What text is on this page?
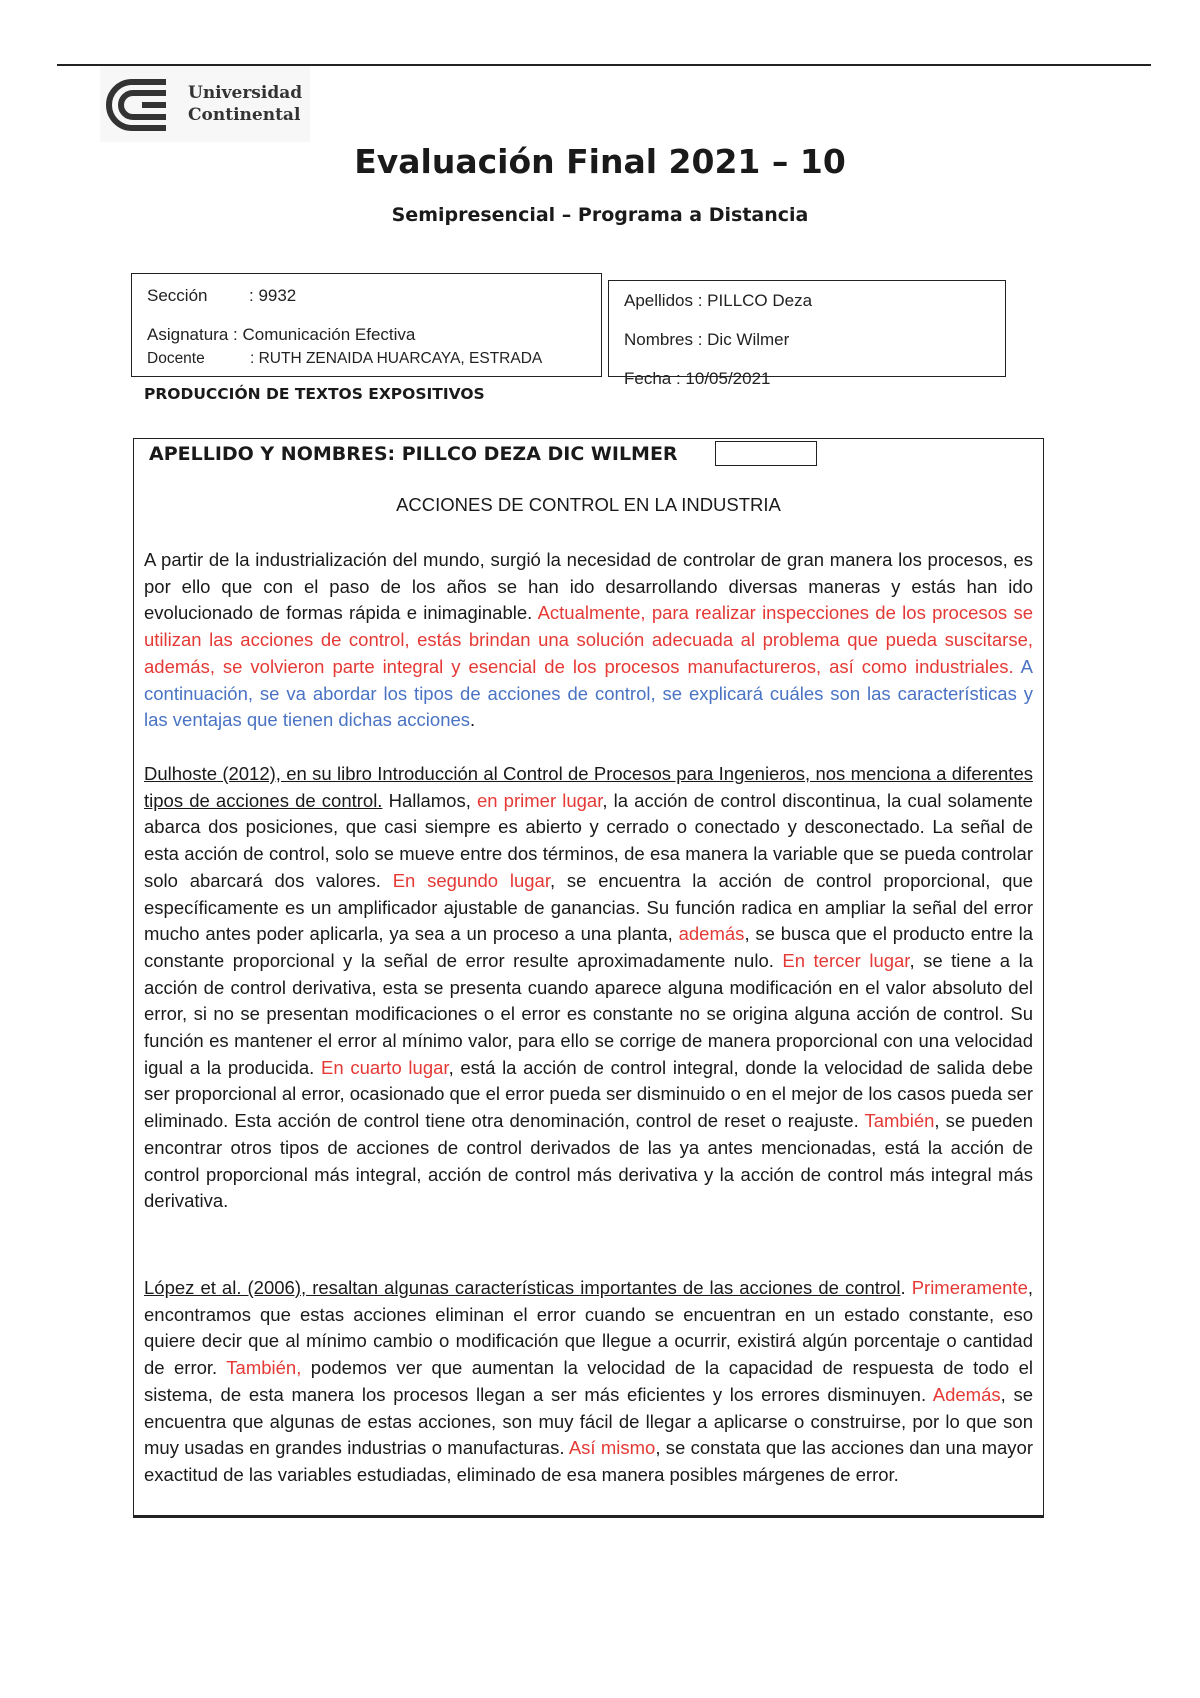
Universidad
Continental
Evaluación Final 2021 – 10
Semipresencial – Programa a Distancia
Sección : 9932
Asignatura : Comunicación Efectiva
Docente	: RUTH ZENAIDA HUARCAYA, ESTRADA
Apellidos : PILLCO Deza
Nombres : Dic Wilmer
Fecha : 10/05/2021
PRODUCCIÓN DE TEXTOS EXPOSITIVOS
APELLIDO Y NOMBRES: PILLCO DEZA DIC WILMER
ACCIONES DE CONTROL EN LA INDUSTRIA
A partir de la industrialización del mundo, surgió la necesidad de controlar de gran manera los procesos, es por ello que con el paso de los años se han ido desarrollando diversas maneras y estás han ido evolucionado de formas rápida e inimaginable. Actualmente, para realizar inspecciones de los procesos se utilizan las acciones de control, estás brindan una solución adecuada al problema que pueda suscitarse, además, se volvieron parte integral y esencial de los procesos manufactureros, así como industriales. A continuación, se va abordar los tipos de acciones de control, se explicará cuáles son las características y las ventajas que tienen dichas acciones.
Dulhoste (2012), en su libro Introducción al Control de Procesos para Ingenieros, nos menciona a diferentes tipos de acciones de control. Hallamos, en primer lugar, la acción de control discontinua, la cual solamente abarca dos posiciones, que casi siempre es abierto y cerrado o conectado y desconectado. La señal de esta acción de control, solo se mueve entre dos términos, de esa manera la variable que se pueda controlar solo abarcará dos valores. En segundo lugar, se encuentra la acción de control proporcional, que específicamente es un amplificador ajustable de ganancias. Su función radica en ampliar la señal del error mucho antes poder aplicarla, ya sea a un proceso a una planta, además, se busca que el producto entre la constante proporcional y la señal de error resulte aproximadamente nulo. En tercer lugar, se tiene a la acción de control derivativa, esta se presenta cuando aparece alguna modificación en el valor absoluto del error, si no se presentan modificaciones o el error es constante no se origina alguna acción de control. Su función es mantener el error al mínimo valor, para ello se corrige de manera proporcional con una velocidad igual a la producida. En cuarto lugar, está la acción de control integral, donde la velocidad de salida debe ser proporcional al error, ocasionado que el error pueda ser disminuido o en el mejor de los casos pueda ser eliminado. Esta acción de control tiene otra denominación, control de reset o reajuste. También, se pueden encontrar otros tipos de acciones de control derivados de las ya antes mencionadas, está la acción de control proporcional más integral, acción de control más derivativa y la acción de control más integral más derivativa.
López et al. (2006), resaltan algunas características importantes de las acciones de control. Primeramente, encontramos que estas acciones eliminan el error cuando se encuentran en un estado constante, eso quiere decir que al mínimo cambio o modificación que llegue a ocurrir, existirá algún porcentaje o cantidad de error. También, podemos ver que aumentan la velocidad de la capacidad de respuesta de todo el sistema, de esta manera los procesos llegan a ser más eficientes y los errores disminuyen. Además, se encuentra que algunas de estas acciones, son muy fácil de llegar a aplicarse o construirse, por lo que son muy usadas en grandes industrias o manufacturas. Así mismo, se constata que las acciones dan una mayor exactitud de las variables estudiadas, eliminado de esa manera posibles márgenes de error.
